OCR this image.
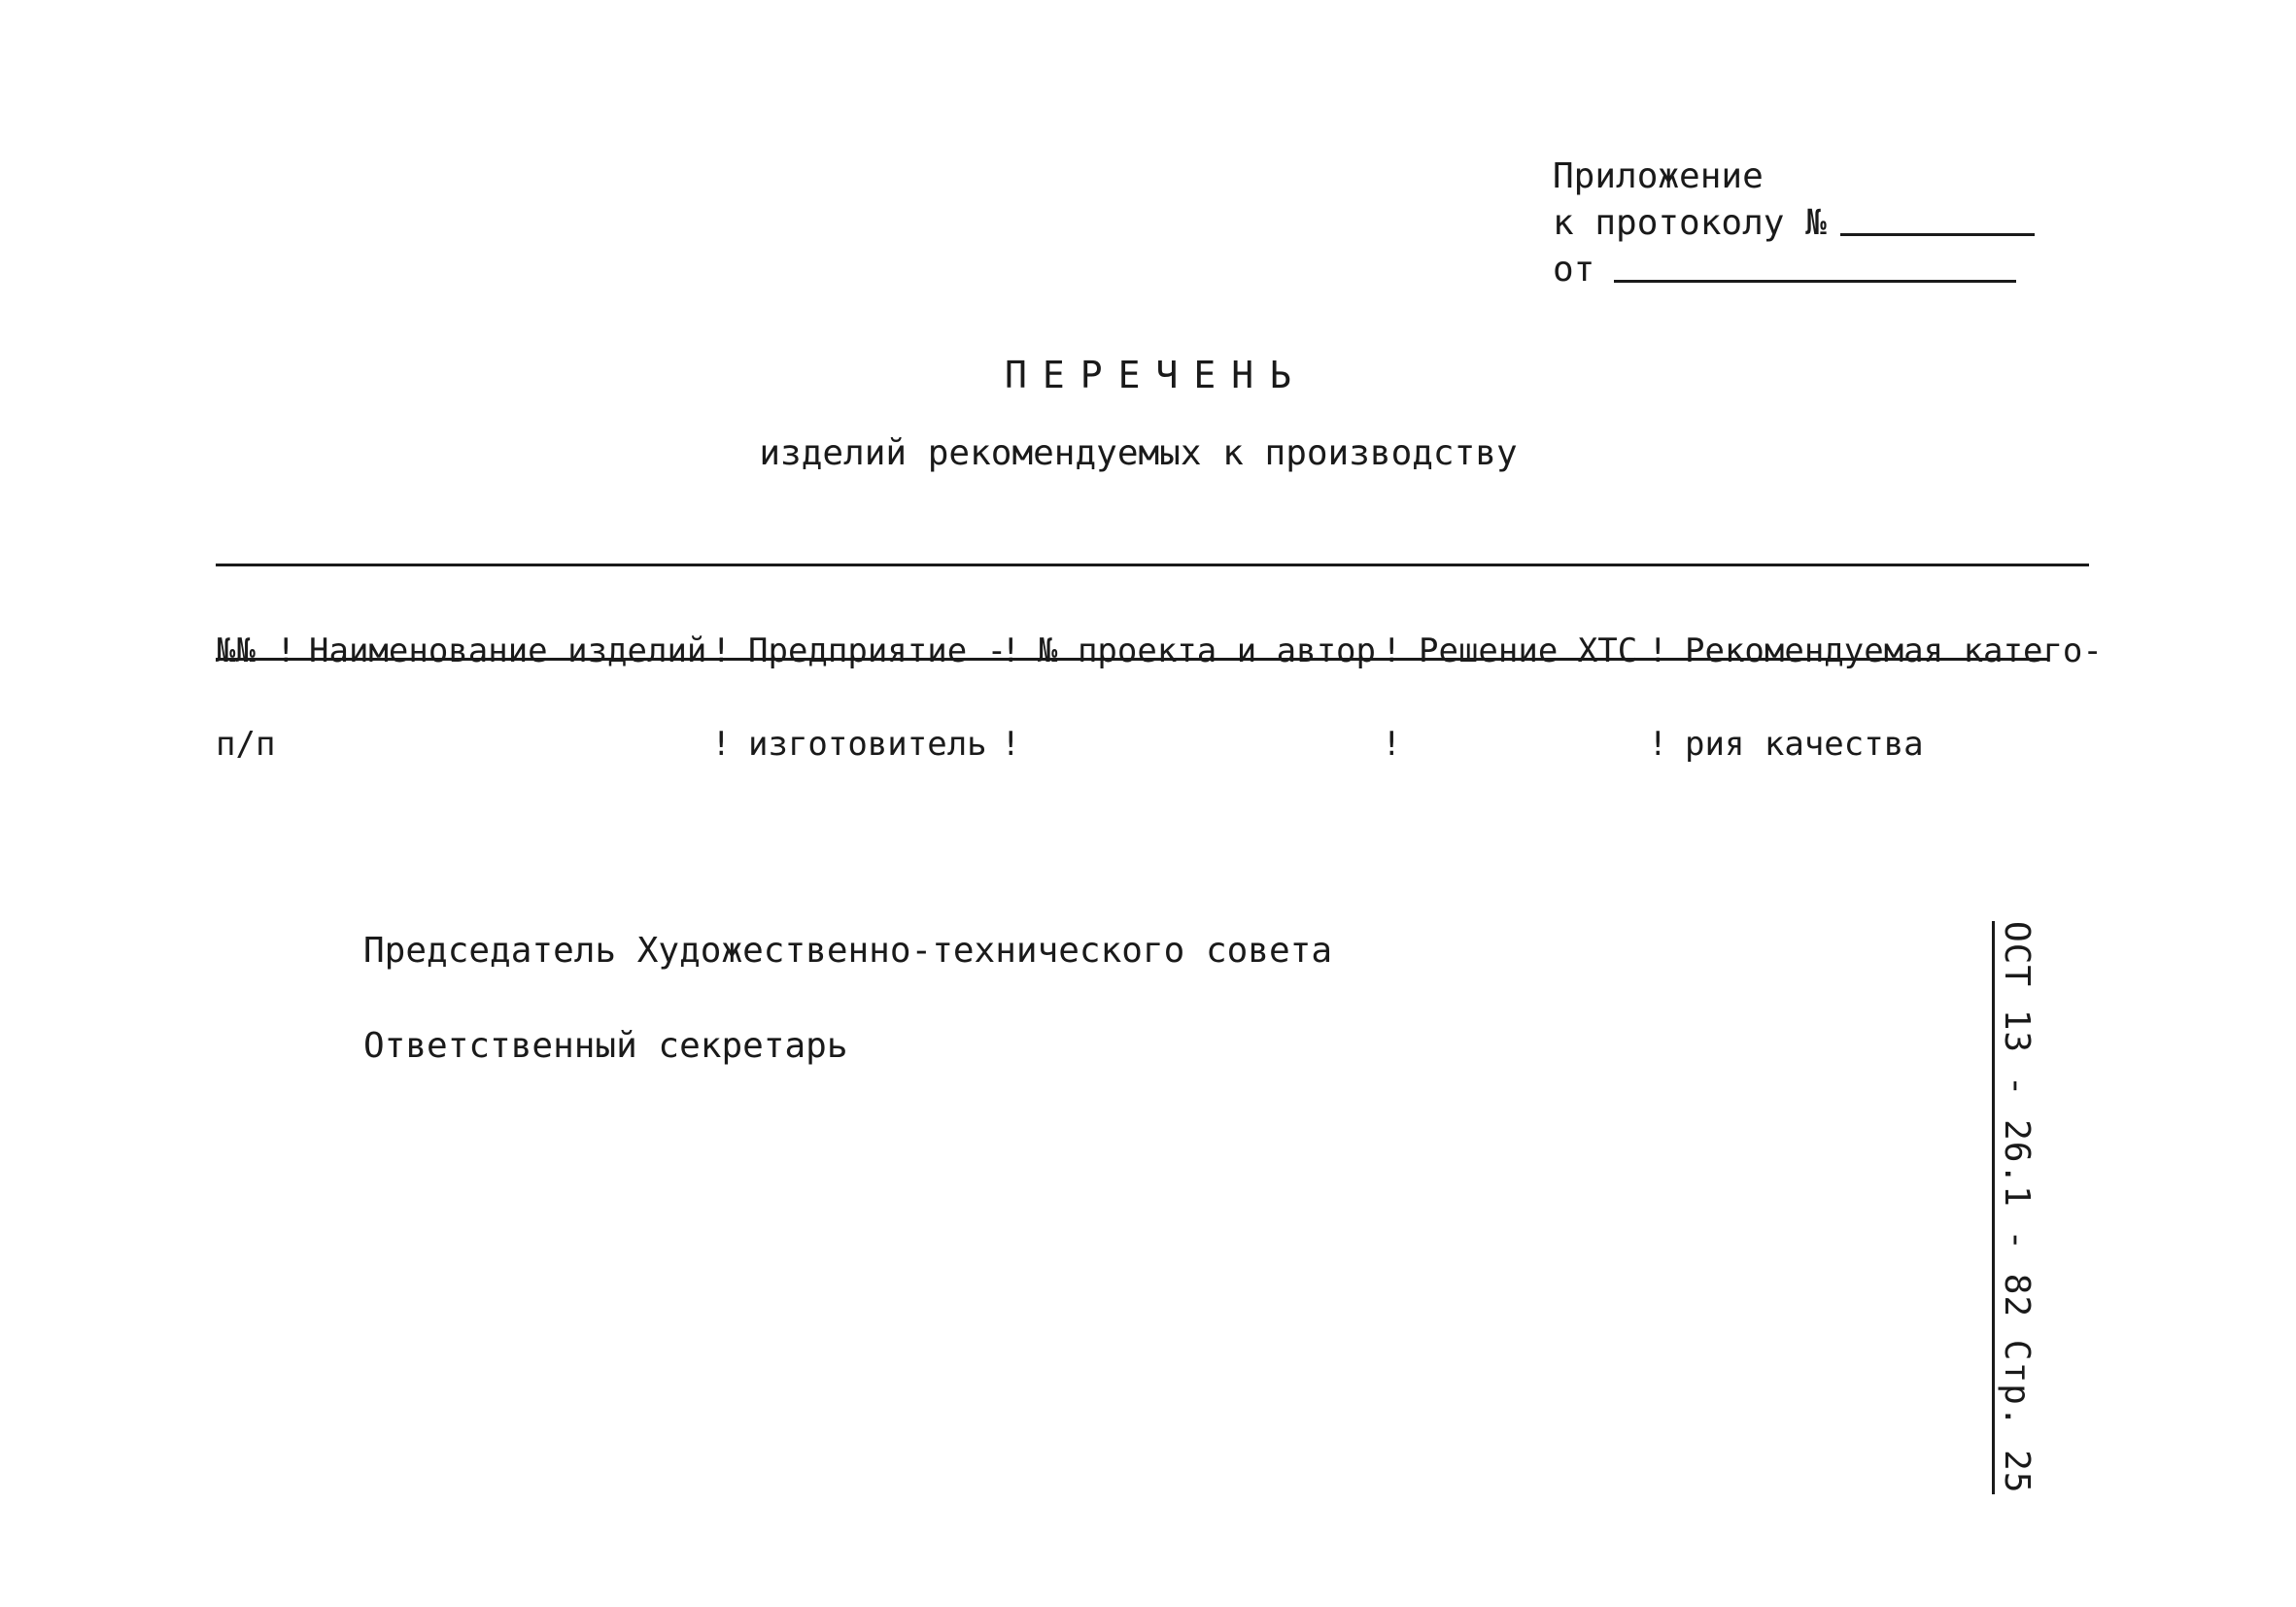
Приложение
к протоколу №
от
ПЕРЕЧЕНЬ
изделий рекомендуемых к производству

№№

п/п

!

Наименование изделий

!

!

Предприятие -

изготовитель

!

!

№ проекта и автор

!

!

Решение ХТС

!

!

Рекомендуемая катего-

рия качества

Председатель Художественно-технического совета
Ответственный секретарь	ОСТ 13 - 26.1 - 82 Стр. 25
